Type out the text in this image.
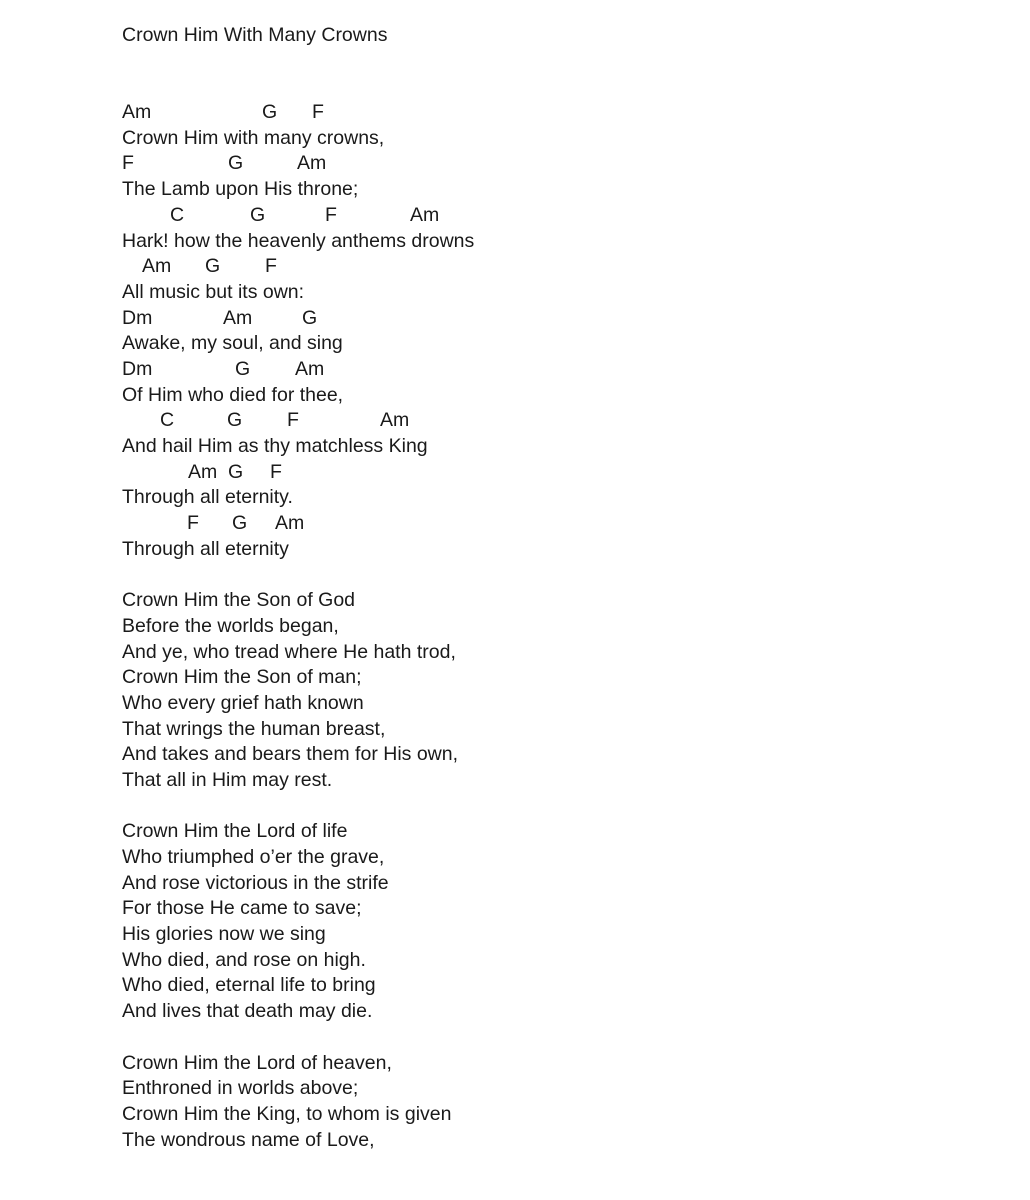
Crown Him With Many Crowns
Am	G F
Crown Him with many crowns,
F	G	Am
The Lamb upon His throne;
C	G	F	Am
Hark! how the heavenly anthems drowns
Am G F
All music but its own:
Dm	Am	G
Awake, my soul, and sing
Dm	G Am
Of Him who died for thee,
C	G F	Am
And hail Him as thy matchless King
Am G F
Through all eternity.
F G Am
Through all eternity
Crown Him the Son of God
Before the worlds began,
And ye, who tread where He hath trod,
Crown Him the Son of man;
Who every grief hath known
That wrings the human breast,
And takes and bears them for His own,
That all in Him may rest.
Crown Him the Lord of life
Who triumphed o’er the grave,
And rose victorious in the strife
For those He came to save;
His glories now we sing
Who died, and rose on high.
Who died, eternal life to bring
And lives that death may die.
Crown Him the Lord of heaven,
Enthroned in worlds above;
Crown Him the King, to whom is given
The wondrous name of Love,
